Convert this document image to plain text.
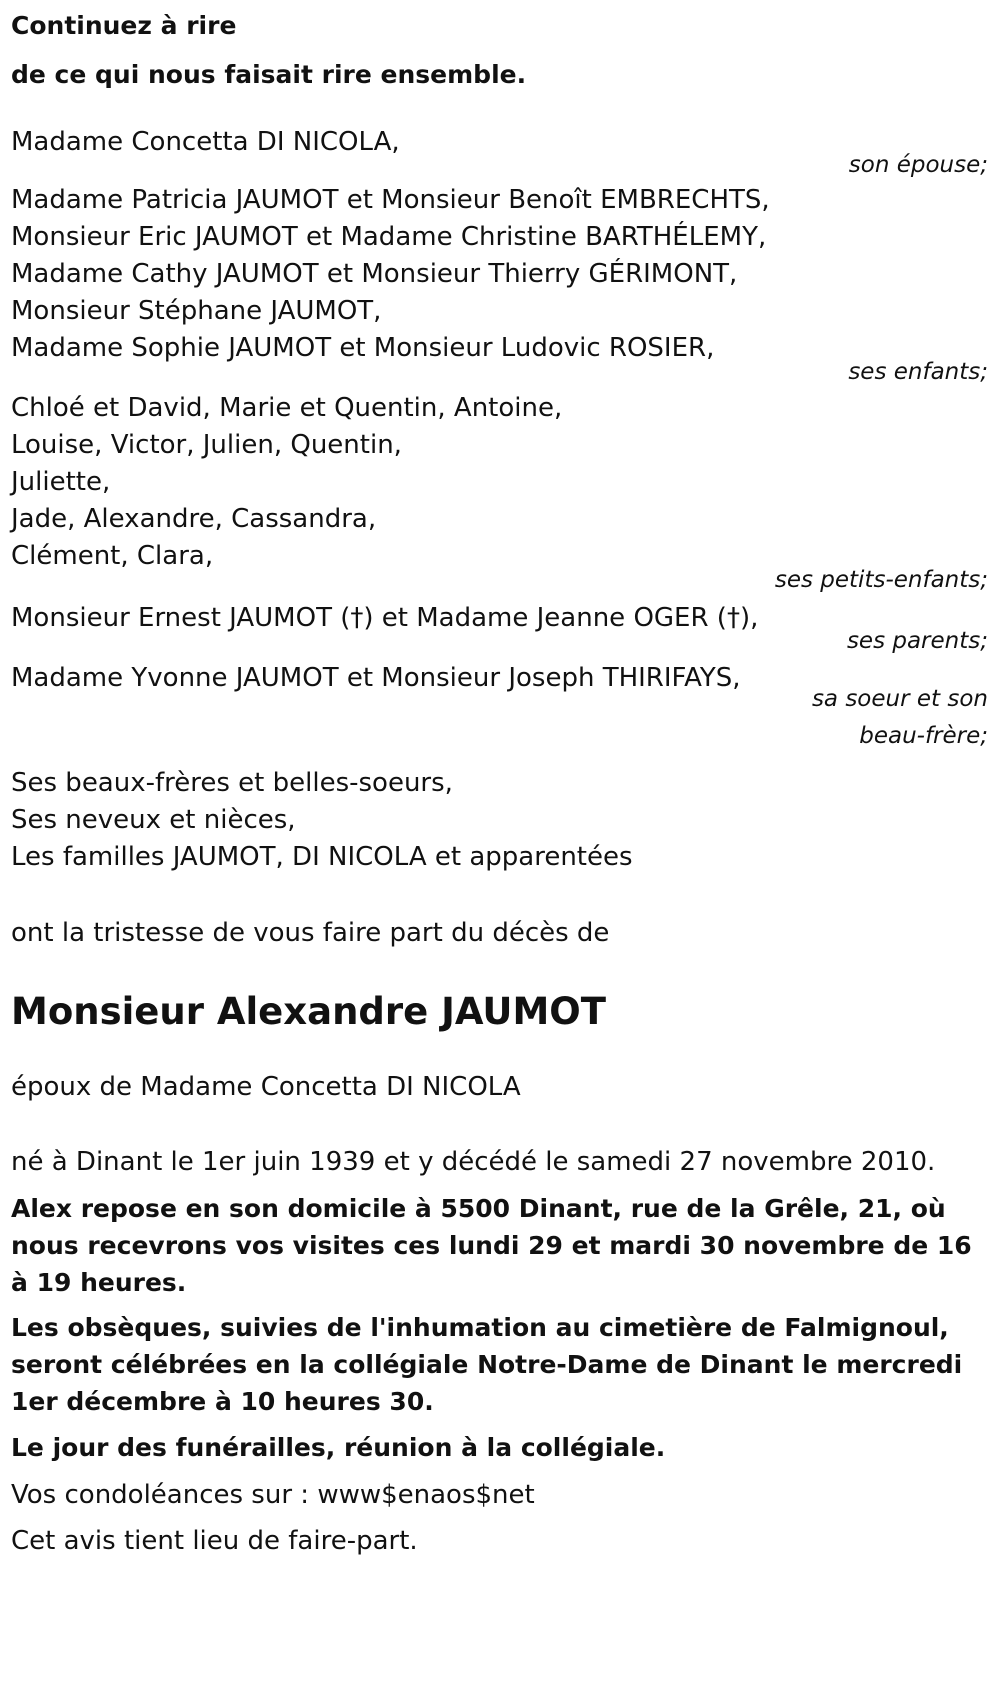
Continuez à rire
de ce qui nous faisait rire ensemble.
Madame Concetta DI NICOLA,
son épouse;
Madame Patricia JAUMOT et Monsieur Benoît EMBRECHTS,
Monsieur Eric JAUMOT et Madame Christine BARTHÉLEMY,
Madame Cathy JAUMOT et Monsieur Thierry GÉRIMONT,
Monsieur Stéphane JAUMOT,
Madame Sophie JAUMOT et Monsieur Ludovic ROSIER,
ses enfants;
Chloé et David, Marie et Quentin, Antoine,
Louise, Victor, Julien, Quentin,
Juliette,
Jade, Alexandre, Cassandra,
Clément, Clara,
ses petits-enfants;
Monsieur Ernest JAUMOT (†) et Madame Jeanne OGER (†),
ses parents;
Madame Yvonne JAUMOT et Monsieur Joseph THIRIFAYS,
sa soeur et son
beau-frère;
Ses beaux-frères et belles-soeurs,
Ses neveux et nièces,
Les familles JAUMOT, DI NICOLA et apparentées
ont la tristesse de vous faire part du décès de
Monsieur Alexandre JAUMOT
époux de Madame Concetta DI NICOLA
né à Dinant le 1er juin 1939 et y décédé le samedi 27 novembre 2010.
Alex repose en son domicile à 5500 Dinant, rue de la Grêle, 21, où nous recevrons vos visites ces lundi 29 et mardi 30 novembre de 16 à 19 heures.
Les obsèques, suivies de l'inhumation au cimetière de Falmignoul, seront célébrées en la collégiale Notre-Dame de Dinant le mercredi 1er décembre à 10 heures 30.
Le jour des funérailles, réunion à la collégiale.
Vos condoléances sur : www$enaos$net
Cet avis tient lieu de faire-part.
